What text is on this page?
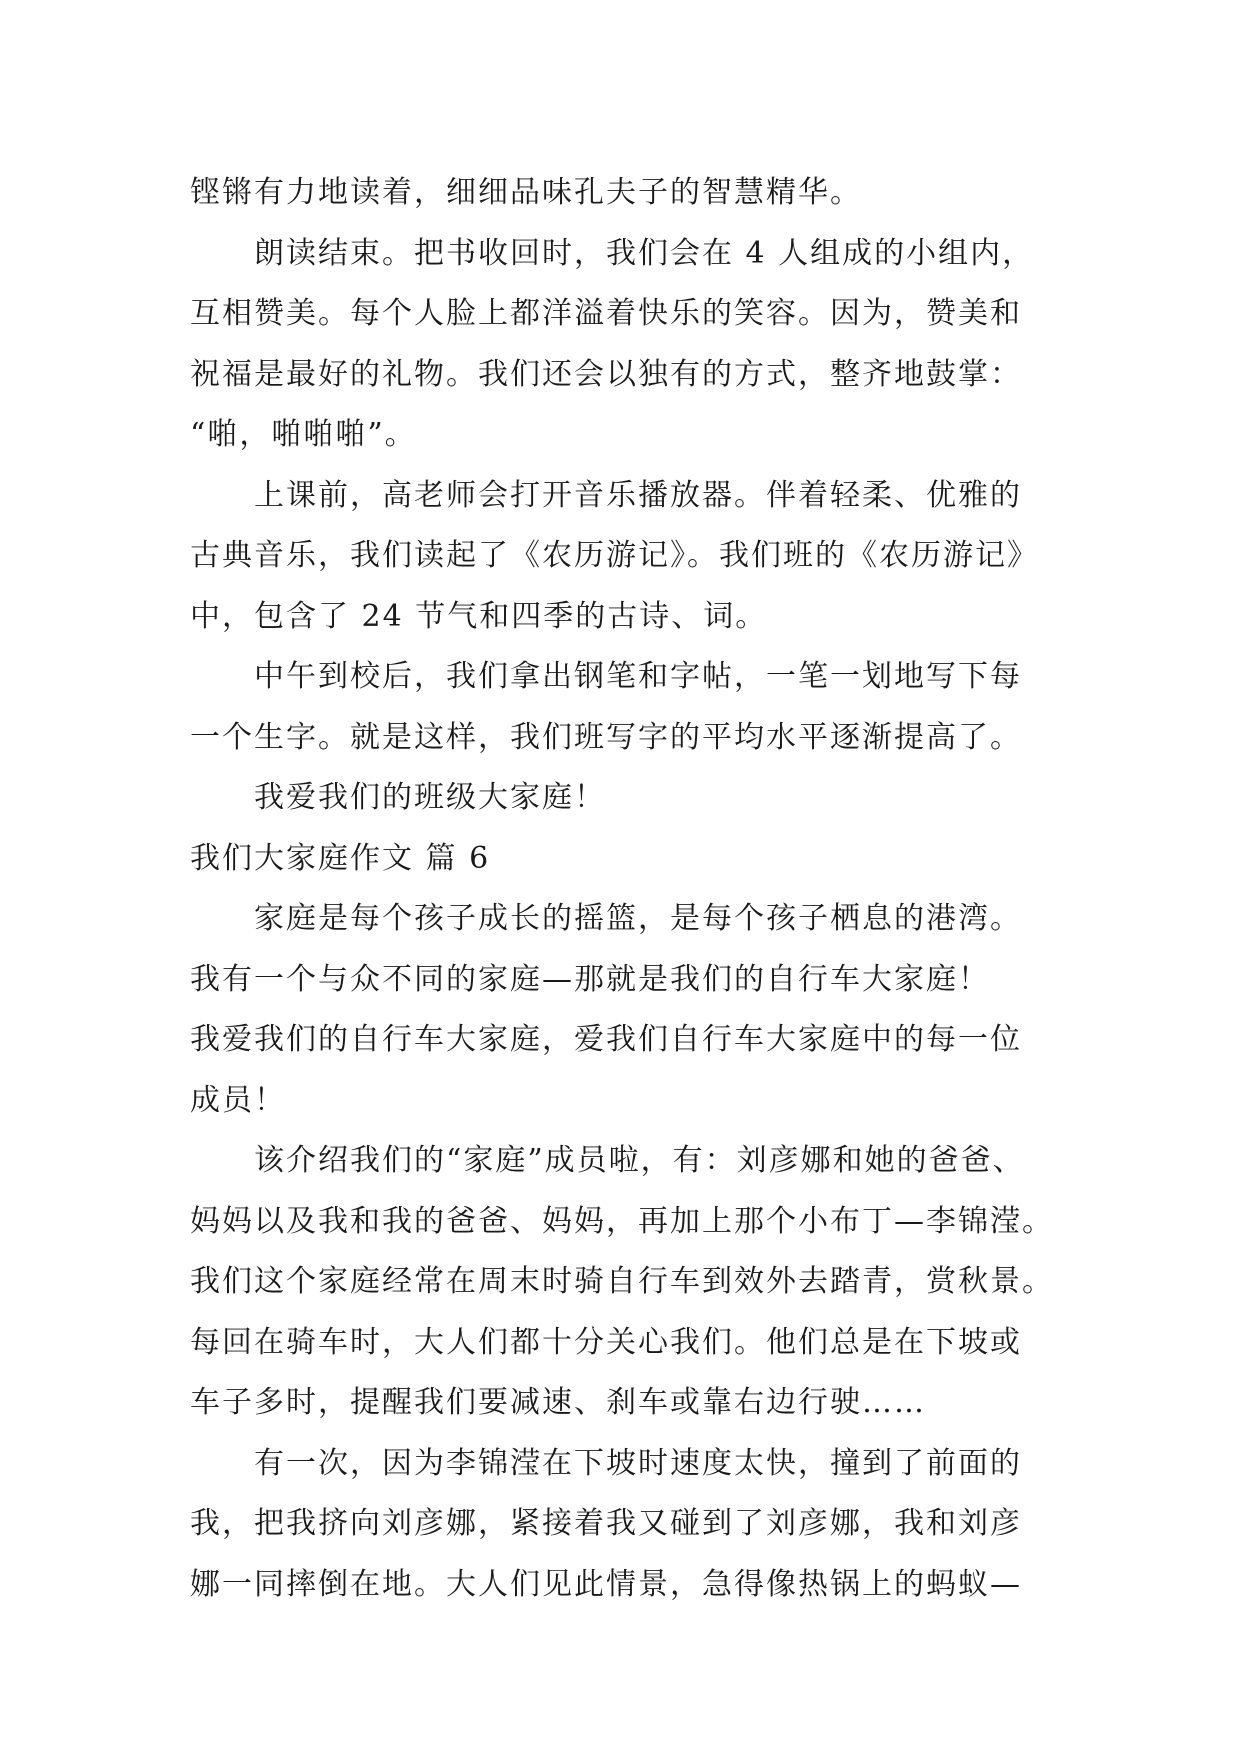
铿锵有力地读着，细细品味孔夫子的智慧精华。
朗读结束。把书收回时，我们会在 4 人组成的小组内，
互相赞美。每个人脸上都洋溢着快乐的笑容。因为，赞美和
祝福是最好的礼物。我们还会以独有的方式，整齐地鼓掌：
“啪，啪啪啪”。
上课前，高老师会打开音乐播放器。伴着轻柔、优雅的
古典音乐，我们读起了《农历游记》。我们班的《农历游记》
中，包含了 24 节气和四季的古诗、词。
中午到校后，我们拿出钢笔和字帖，一笔一划地写下每
一个生字。就是这样，我们班写字的平均水平逐渐提高了。
我爱我们的班级大家庭！
我们大家庭作文 篇 6
家庭是每个孩子成长的摇篮，是每个孩子栖息的港湾。
我有一个与众不同的家庭—那就是我们的自行车大家庭！
我爱我们的自行车大家庭，爱我们自行车大家庭中的每一位
成员！
该介绍我们的“家庭”成员啦，有：刘彦娜和她的爸爸、
妈妈以及我和我的爸爸、妈妈，再加上那个小布丁—李锦滢。
我们这个家庭经常在周末时骑自行车到效外去踏青，赏秋景。
每回在骑车时，大人们都十分关心我们。他们总是在下坡或
车子多时，提醒我们要减速、刹车或靠右边行驶……
有一次，因为李锦滢在下坡时速度太快，撞到了前面的
我，把我挤向刘彦娜，紧接着我又碰到了刘彦娜，我和刘彦
娜一同摔倒在地。大人们见此情景，急得像热锅上的蚂蚁—
